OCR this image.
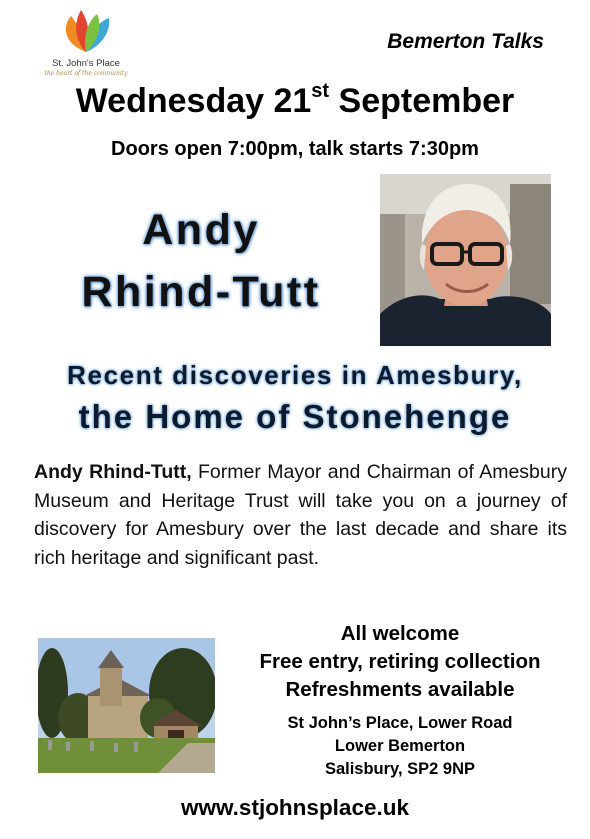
St. John's Place
the heart of the community
Bemerton Talks
Wednesday 21st September
Doors open 7:00pm, talk starts 7:30pm
Andy
Rhind-Tutt
Recent discoveries in Amesbury,
the Home of Stonehenge
Andy Rhind-Tutt, Former Mayor and Chairman of Amesbury Museum and Heritage Trust will take you on a journey of discovery for Amesbury over the last decade and share its rich heritage and significant past.
All welcome
Free entry, retiring collection
Refreshments available
St John’s Place, Lower Road
Lower Bemerton
Salisbury, SP2 9NP
www.stjohnsplace.uk
